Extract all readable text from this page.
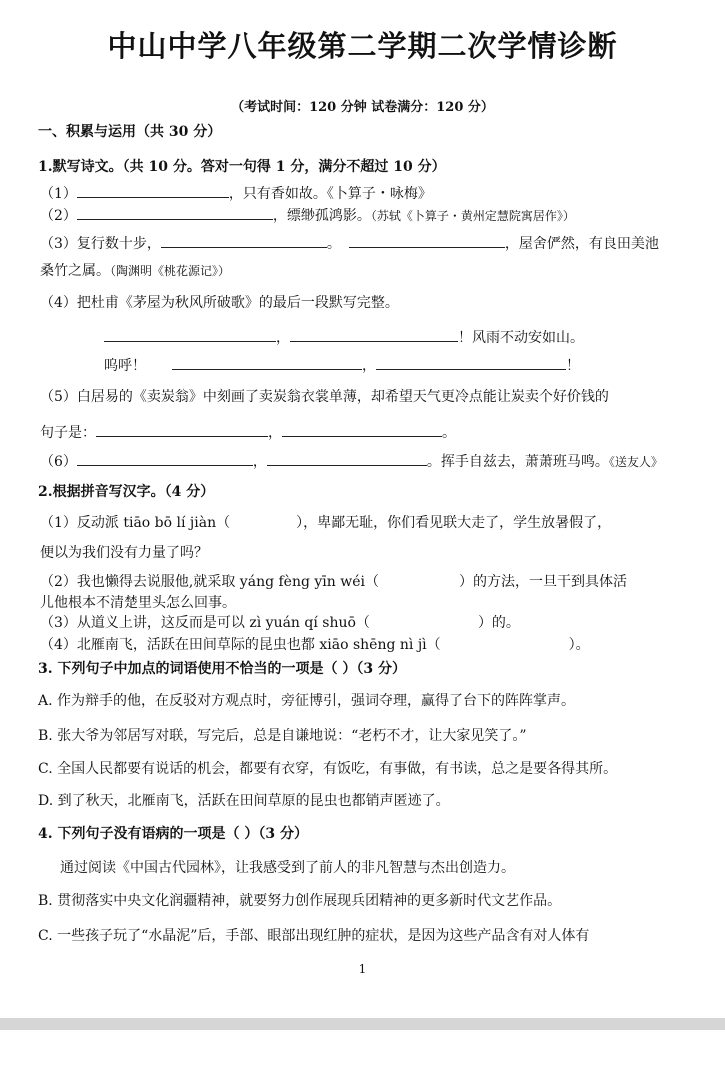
中山中学八年级第二学期二次学情诊断
（考试时间：120 分钟 试卷满分：120 分）
一、积累与运用（共 30 分）
1.默写诗文。（共 10 分。答对一句得 1 分，满分不超过 10 分）
（1）	，只有香如故。《卜算子・咏梅》
（2）	，缥缈孤鸿影。（苏轼《卜算子・黄州定慧院寓居作》）
（3）复行数十步，	。	，屋舍俨然，有良田美池
桑竹之属。（陶渊明《桃花源记》）
（4）把杜甫《茅屋为秋风所破歌》的最后一段默写完整。
，	！风雨不动安如山。
呜呼！	，	！
（5）白居易的《卖炭翁》中刻画了卖炭翁衣裳单薄，却希望天气更冷点能让炭卖个好价钱的
句子是：	，	。
（6）	，	。挥手自兹去，萧萧班马鸣。《送友人》
2.根据拼音写汉字。（4 分）
（1）反动派 tiāo bō lí jiàn（	），卑鄙无耻，你们看见联大走了，学生放暑假了，
便以为我们没有力量了吗？
（2）我也懒得去说服他,就采取 yáng fèng yīn wéi（	）的方法，一旦干到具体活
儿他根本不清楚里头怎么回事。
（3）从道义上讲，这反而是可以 zì yuán qí shuō（	）的。
（4）北雁南飞，活跃在田间草际的昆虫也都 xiāo shēng nì jì（	）。
3. 下列句子中加点的词语使用不恰当的一项是（ ）（3 分）
A. 作为辩手的他，在反驳对方观点时，旁征博引，强词夺理，赢得了台下的阵阵掌声。
B. 张大爷为邻居写对联，写完后，总是自谦地说：“老朽不才，让大家见笑了。”
C. 全国人民都要有说话的机会，都要有衣穿，有饭吃，有事做，有书读，总之是要各得其所。
D. 到了秋天，北雁南飞，活跃在田间草原的昆虫也都销声匿迹了。
4. 下列句子没有语病的一项是（ ）（3 分）
通过阅读《中国古代园林》，让我感受到了前人的非凡智慧与杰出创造力。
B. 贯彻落实中央文化润疆精神，就要努力创作展现兵团精神的更多新时代文艺作品。
C. 一些孩子玩了“水晶泥”后，手部、眼部出现红肿的症状，是因为这些产品含有对人体有
1
